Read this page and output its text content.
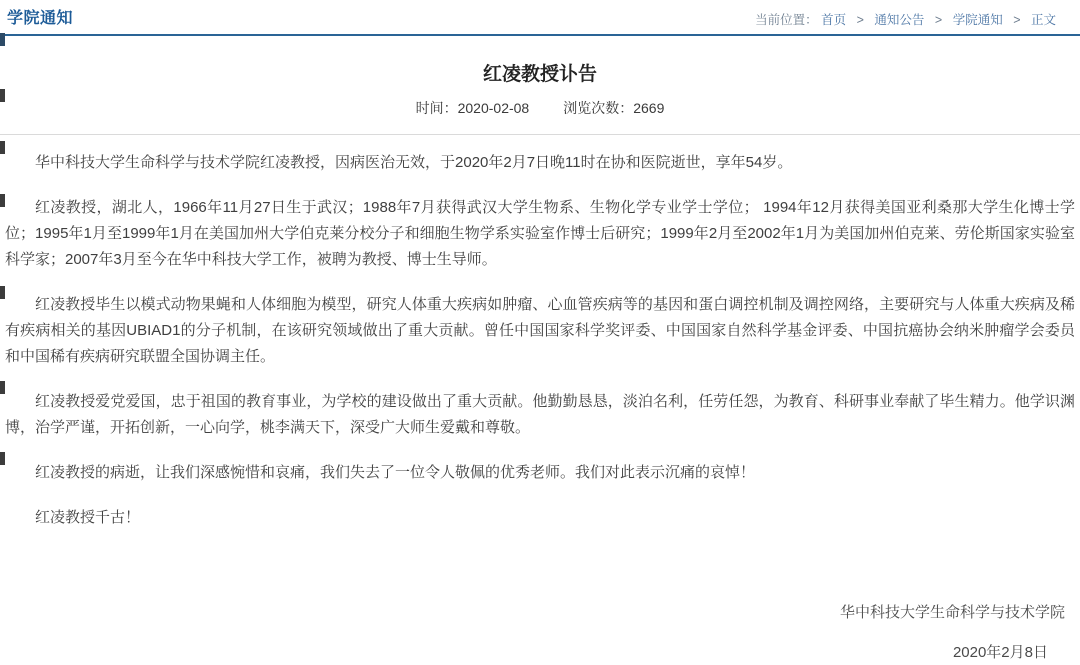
学院通知	当前位置： 首页 > 通知公告 > 学院通知 > 正文
红凌教授讣告
时间：2020-02-08 浏览次数：2669

华中科技大学生命科学与技术学院红凌教授，因病医治无效，于2020年2月7日晚11时在协和医院逝世，享年54岁。

红凌教授，湖北人，1966年11月27日生于武汉；1988年7月获得武汉大学生物系、生物化学专业学士学位； 1994年12月获得美国亚利桑那大学生化博士学位；1995年1月至1999年1月在美国加州大学伯克莱分校分子和细胞生物学系实验室作博士后研究；1999年2月至2002年1月为美国加州伯克莱、劳伦斯国家实验室科学家；2007年3月至今在华中科技大学工作，被聘为教授、博士生导师。

红凌教授毕生以模式动物果蝇和人体细胞为模型，研究人体重大疾病如肿瘤、心血管疾病等的基因和蛋白调控机制及调控网络，主要研究与人体重大疾病及稀有疾病相关的基因UBIAD1的分子机制，在该研究领域做出了重大贡献。曾任中国国家科学奖评委、中国国家自然科学基金评委、中国抗癌协会纳米肿瘤学会委员和中国稀有疾病研究联盟全国协调主任。

红凌教授爱党爱国，忠于祖国的教育事业，为学校的建设做出了重大贡献。他勤勤恳恳，淡泊名利，任劳任怨，为教育、科研事业奉献了毕生精力。他学识渊博，治学严谨，开拓创新，一心向学，桃李满天下，深受广大师生爱戴和尊敬。

红凌教授的病逝，让我们深感惋惜和哀痛，我们失去了一位令人敬佩的优秀老师。我们对此表示沉痛的哀悼！

红凌教授千古！

华中科技大学生命科学与技术学院
2020年2月8日
